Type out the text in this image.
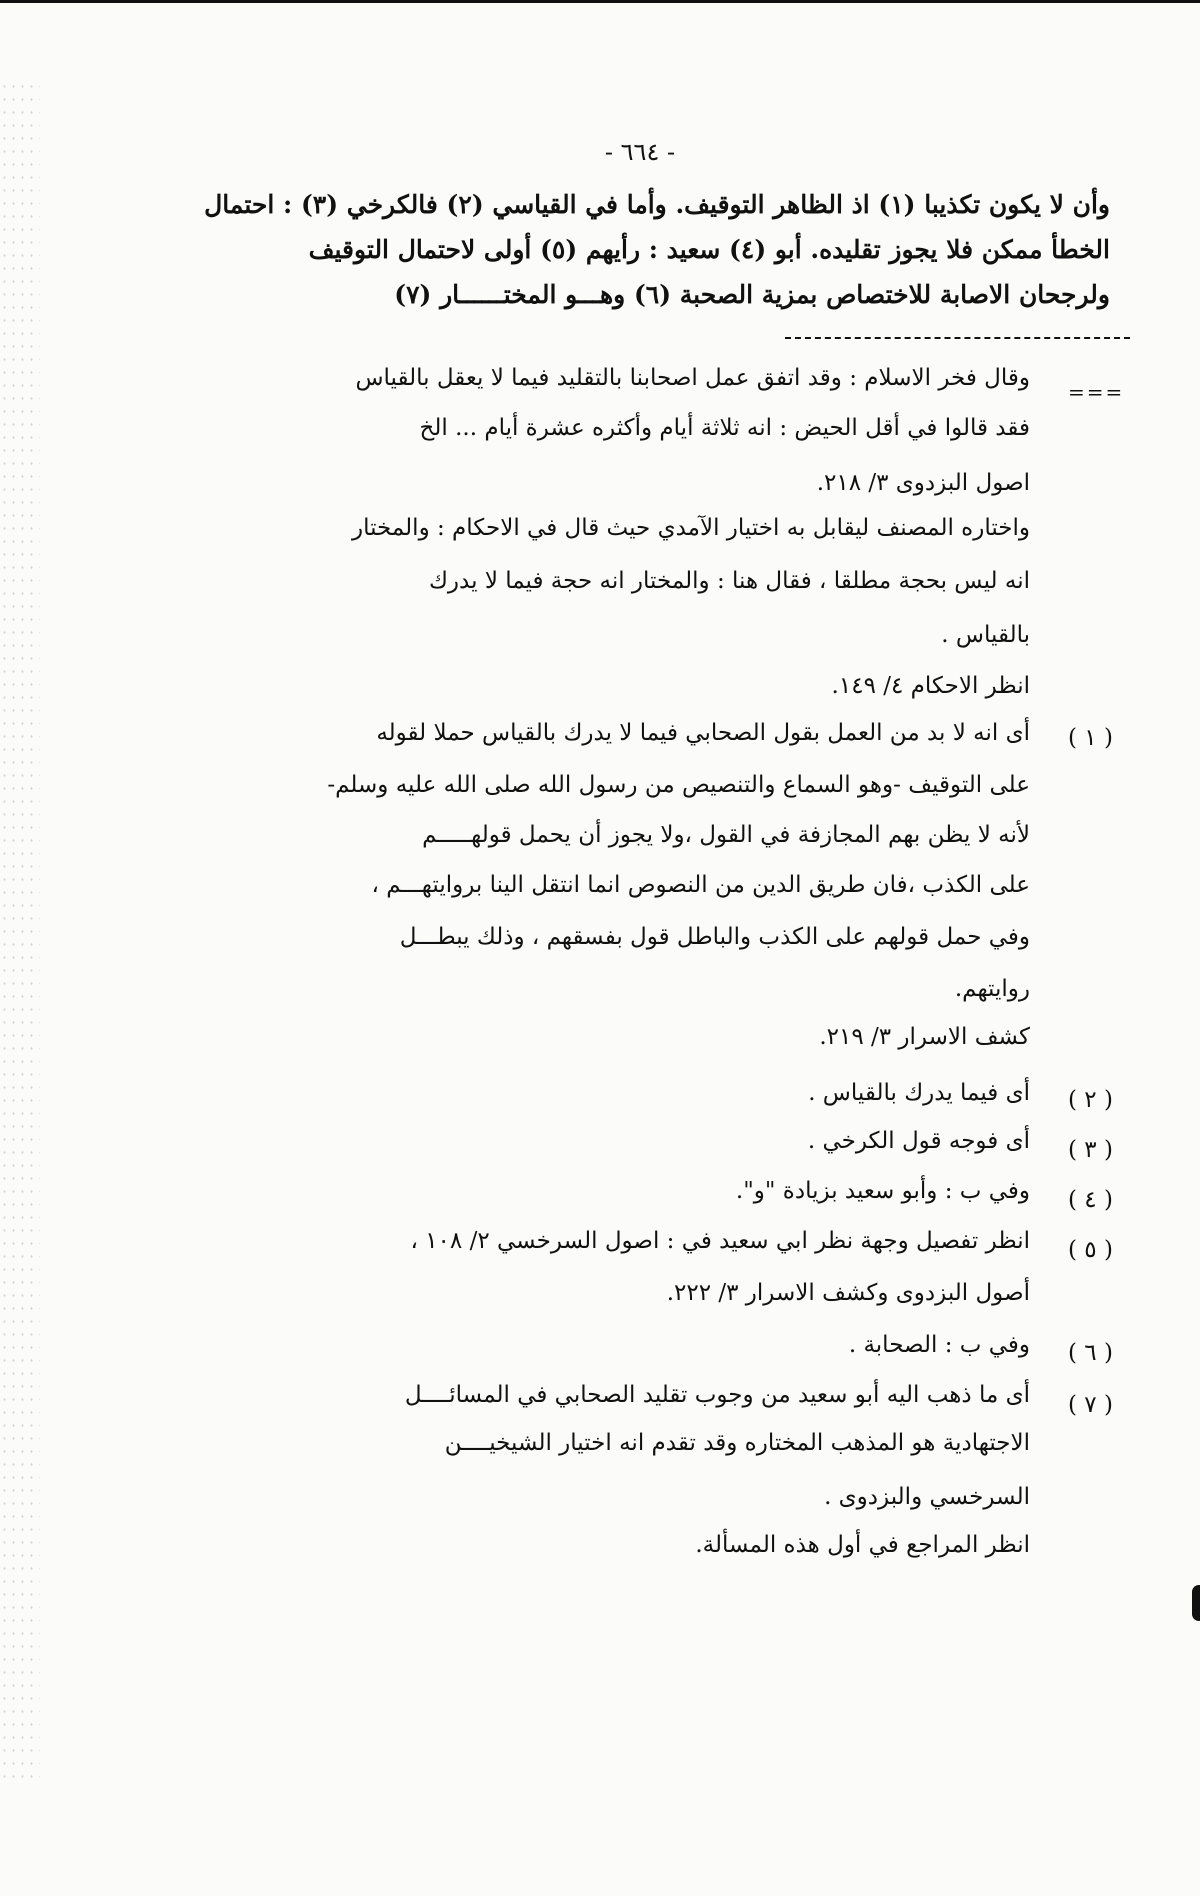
- ٦٦٤ -
وأن لا يكون تكذيبا (١) اذ الظاهر التوقيف. وأما في القياسي (٢) فالكرخي (٣) : احتمال
الخطأ ممكن فلا يجوز تقليده. أبو (٤) سعيد : رأيهم (٥) أولى لاحتمال التوقيف
ولرجحان الاصابة للاختصاص بمزية الصحبة (٦) وهـــو المختــــــار (٧)
===
وقال فخر الاسلام : وقد اتفق عمل اصحابنا بالتقليد فيما لا يعقل بالقياس
فقد قالوا في أقل الحيض : انه ثلاثة أيام وأكثره عشرة أيام ... الخ
اصول البزدوى ٣/ ٢١٨.
واختاره المصنف ليقابل به اختيار الآمدي حيث قال في الاحكام : والمختار
انه ليس بحجة مطلقا ، فقال هنا : والمختار انه حجة فيما لا يدرك
بالقياس .
انظر الاحكام ٤/ ١٤٩.
( ١ )
أى انه لا بد من العمل بقول الصحابي فيما لا يدرك بالقياس حملا لقوله
على التوقيف -وهو السماع والتنصيص من رسول الله صلى الله عليه وسلم-
لأنه لا يظن بهم المجازفة في القول ،ولا يجوز أن يحمل قولهـــــم
على الكذب ،فان طريق الدين من النصوص انما انتقل الينا بروايتهـــم ،
وفي حمل قولهم على الكذب والباطل قول بفسقهم ، وذلك يبطـــل
روايتهم.
كشف الاسرار ٣/ ٢١٩.
( ٢ )
أى فيما يدرك بالقياس .
( ٣ )
أى فوجه قول الكرخي .
( ٤ )
وفي ب : وأبو سعيد بزيادة "و".
( ٥ )
انظر تفصيل وجهة نظر ابي سعيد في : اصول السرخسي ٢/ ١٠٨ ،
أصول البزدوى وكشف الاسرار ٣/ ٢٢٢.
( ٦ )
وفي ب : الصحابة .
( ٧ )
أى ما ذهب اليه أبو سعيد من وجوب تقليد الصحابي في المسائــــل
الاجتهادية هو المذهب المختاره وقد تقدم انه اختيار الشيخيــــن
السرخسي والبزدوى .
انظر المراجع في أول هذه المسألة.
